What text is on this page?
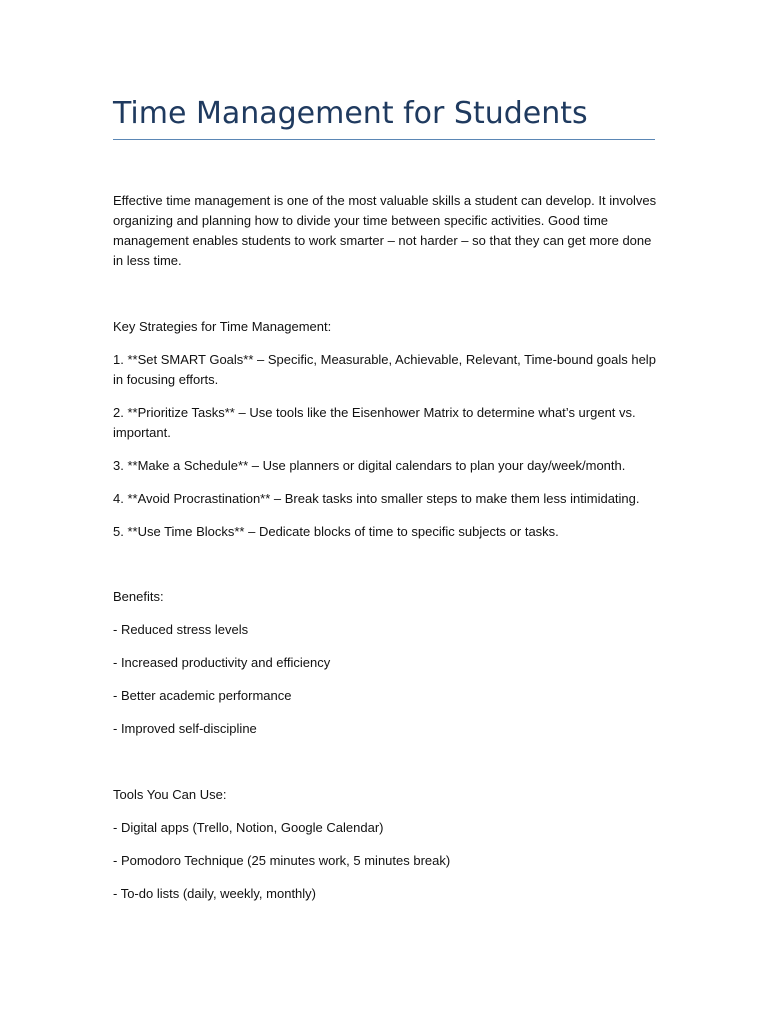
Time Management for Students

Effective time management is one of the most valuable skills a student can develop. It involves organizing and planning how to divide your time between specific activities. Good time management enables students to work smarter – not harder – so that they can get more done in less time.

Key Strategies for Time Management:

1. **Set SMART Goals** – Specific, Measurable, Achievable, Relevant, Time-bound goals help in focusing efforts.

2. **Prioritize Tasks** – Use tools like the Eisenhower Matrix to determine what’s urgent vs. important.

3. **Make a Schedule** – Use planners or digital calendars to plan your day/week/month.

4. **Avoid Procrastination** – Break tasks into smaller steps to make them less intimidating.

5. **Use Time Blocks** – Dedicate blocks of time to specific subjects or tasks.

Benefits:

- Reduced stress levels

- Increased productivity and efficiency

- Better academic performance

- Improved self-discipline

Tools You Can Use:

- Digital apps (Trello, Notion, Google Calendar)

- Pomodoro Technique (25 minutes work, 5 minutes break)

- To-do lists (daily, weekly, monthly)
